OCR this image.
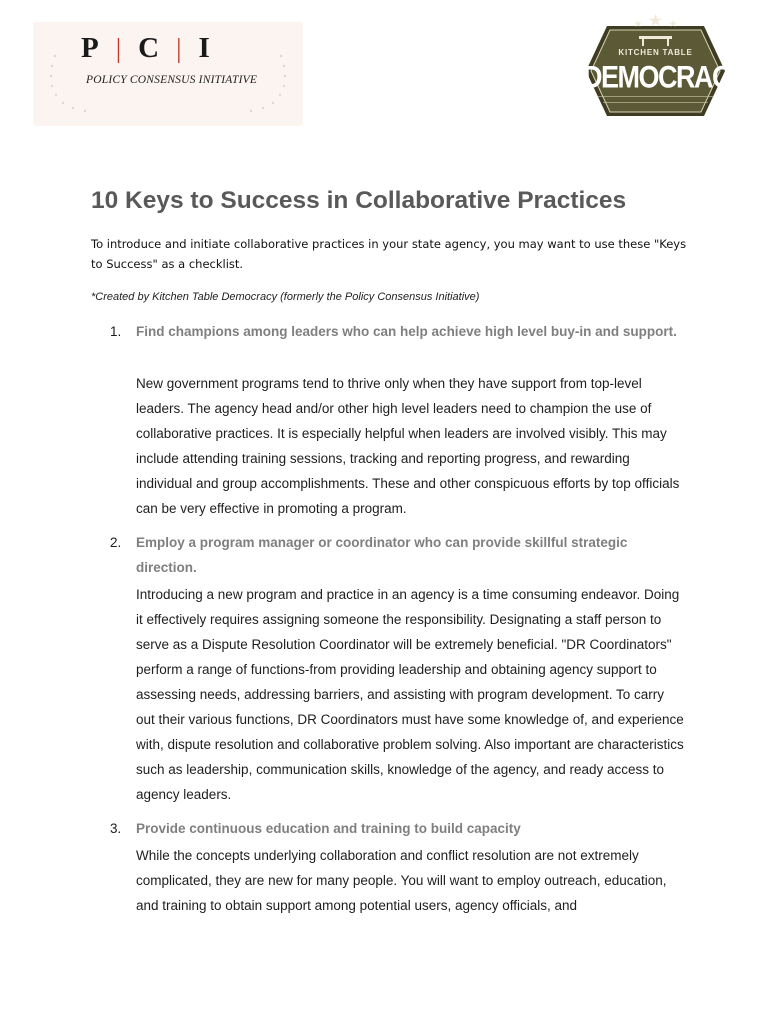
P | C | I
POLICY CONSENSUS INITIATIVE
KITCHEN TABLE
DEMOCRACY
10 Keys to Success in Collaborative Practices

To introduce and initiate collaborative practices in your state agency, you may want to use these "Keys to Success" as a checklist.

*Created by Kitchen Table Democracy (formerly the Policy Consensus Initiative)

1. Find champions among leaders who can help achieve high level buy-in and support.

New government programs tend to thrive only when they have support from top-level leaders. The agency head and/or other high level leaders need to champion the use of collaborative practices. It is especially helpful when leaders are involved visibly. This may include attending training sessions, tracking and reporting progress, and rewarding individual and group accomplishments. These and other conspicuous efforts by top officials can be very effective in promoting a program.

2. Employ a program manager or coordinator who can provide skillful strategic direction.

Introducing a new program and practice in an agency is a time consuming endeavor. Doing it effectively requires assigning someone the responsibility. Designating a staff person to serve as a Dispute Resolution Coordinator will be extremely beneficial. "DR Coordinators" perform a range of functions-from providing leadership and obtaining agency support to assessing needs, addressing barriers, and assisting with program development. To carry out their various functions, DR Coordinators must have some knowledge of, and experience with, dispute resolution and collaborative problem solving. Also important are characteristics such as leadership, communication skills, knowledge of the agency, and ready access to agency leaders.

3. Provide continuous education and training to build capacity

While the concepts underlying collaboration and conflict resolution are not extremely complicated, they are new for many people. You will want to employ outreach, education, and training to obtain support among potential users, agency officials, and
